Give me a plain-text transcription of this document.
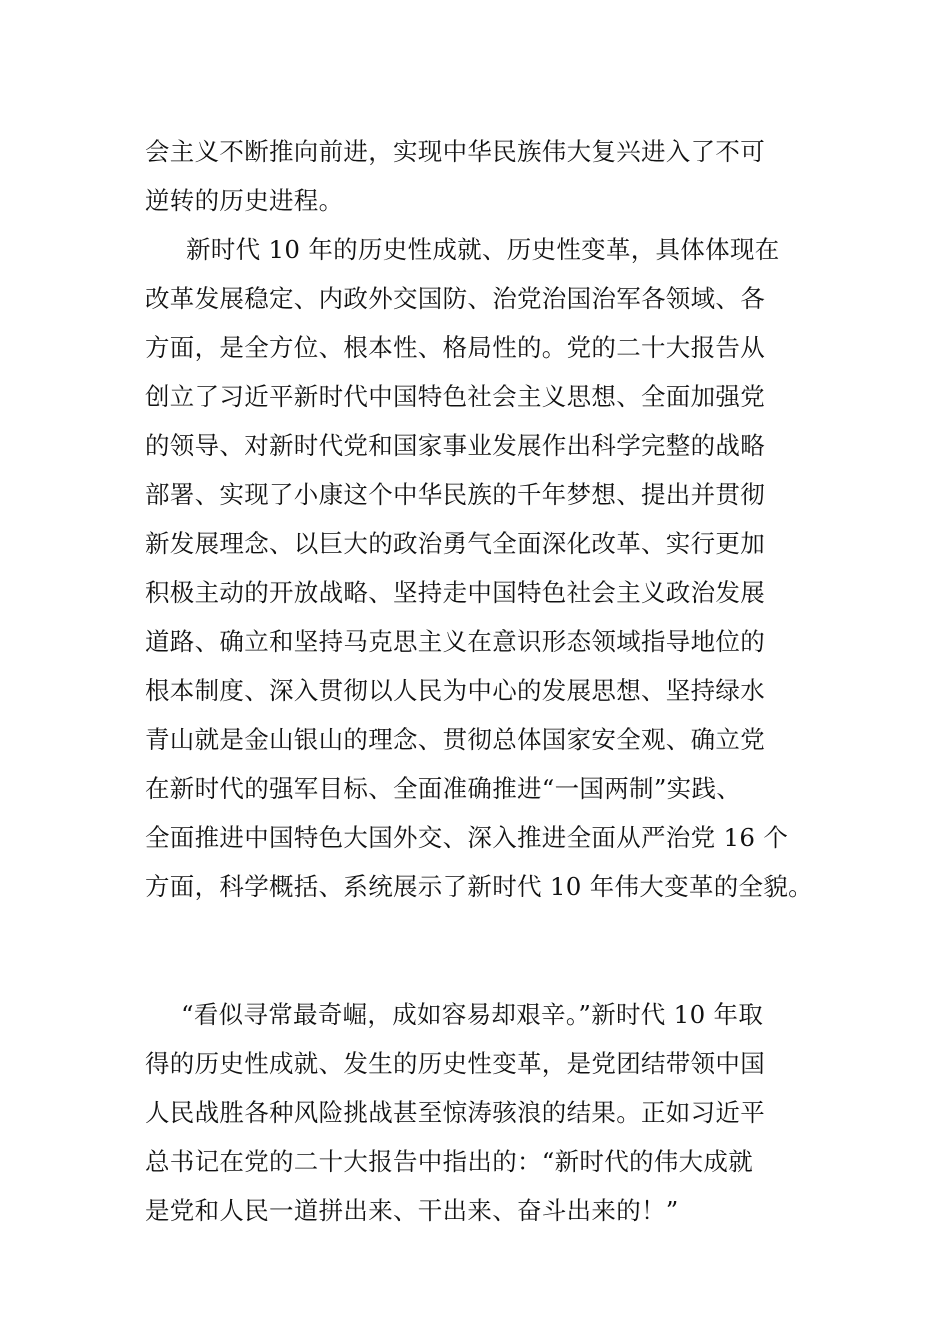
会主义不断推向前进，实现中华民族伟大复兴进入了不可
逆转的历史进程。
新时代 10 年的历史性成就、历史性变革，具体体现在
改革发展稳定、内政外交国防、治党治国治军各领域、各
方面，是全方位、根本性、格局性的。党的二十大报告从
创立了习近平新时代中国特色社会主义思想、全面加强党
的领导、对新时代党和国家事业发展作出科学完整的战略
部署、实现了小康这个中华民族的千年梦想、提出并贯彻
新发展理念、以巨大的政治勇气全面深化改革、实行更加
积极主动的开放战略、坚持走中国特色社会主义政治发展
道路、确立和坚持马克思主义在意识形态领域指导地位的
根本制度、深入贯彻以人民为中心的发展思想、坚持绿水
青山就是金山银山的理念、贯彻总体国家安全观、确立党
在新时代的强军目标、全面准确推进“一国两制”实践、
全面推进中国特色大国外交、深入推进全面从严治党 16 个
方面，科学概括、系统展示了新时代 10 年伟大变革的全貌。
“看似寻常最奇崛，成如容易却艰辛。”新时代 10 年取
得的历史性成就、发生的历史性变革，是党团结带领中国
人民战胜各种风险挑战甚至惊涛骇浪的结果。正如习近平
总书记在党的二十大报告中指出的：“新时代的伟大成就
是党和人民一道拼出来、干出来、奋斗出来的！”
